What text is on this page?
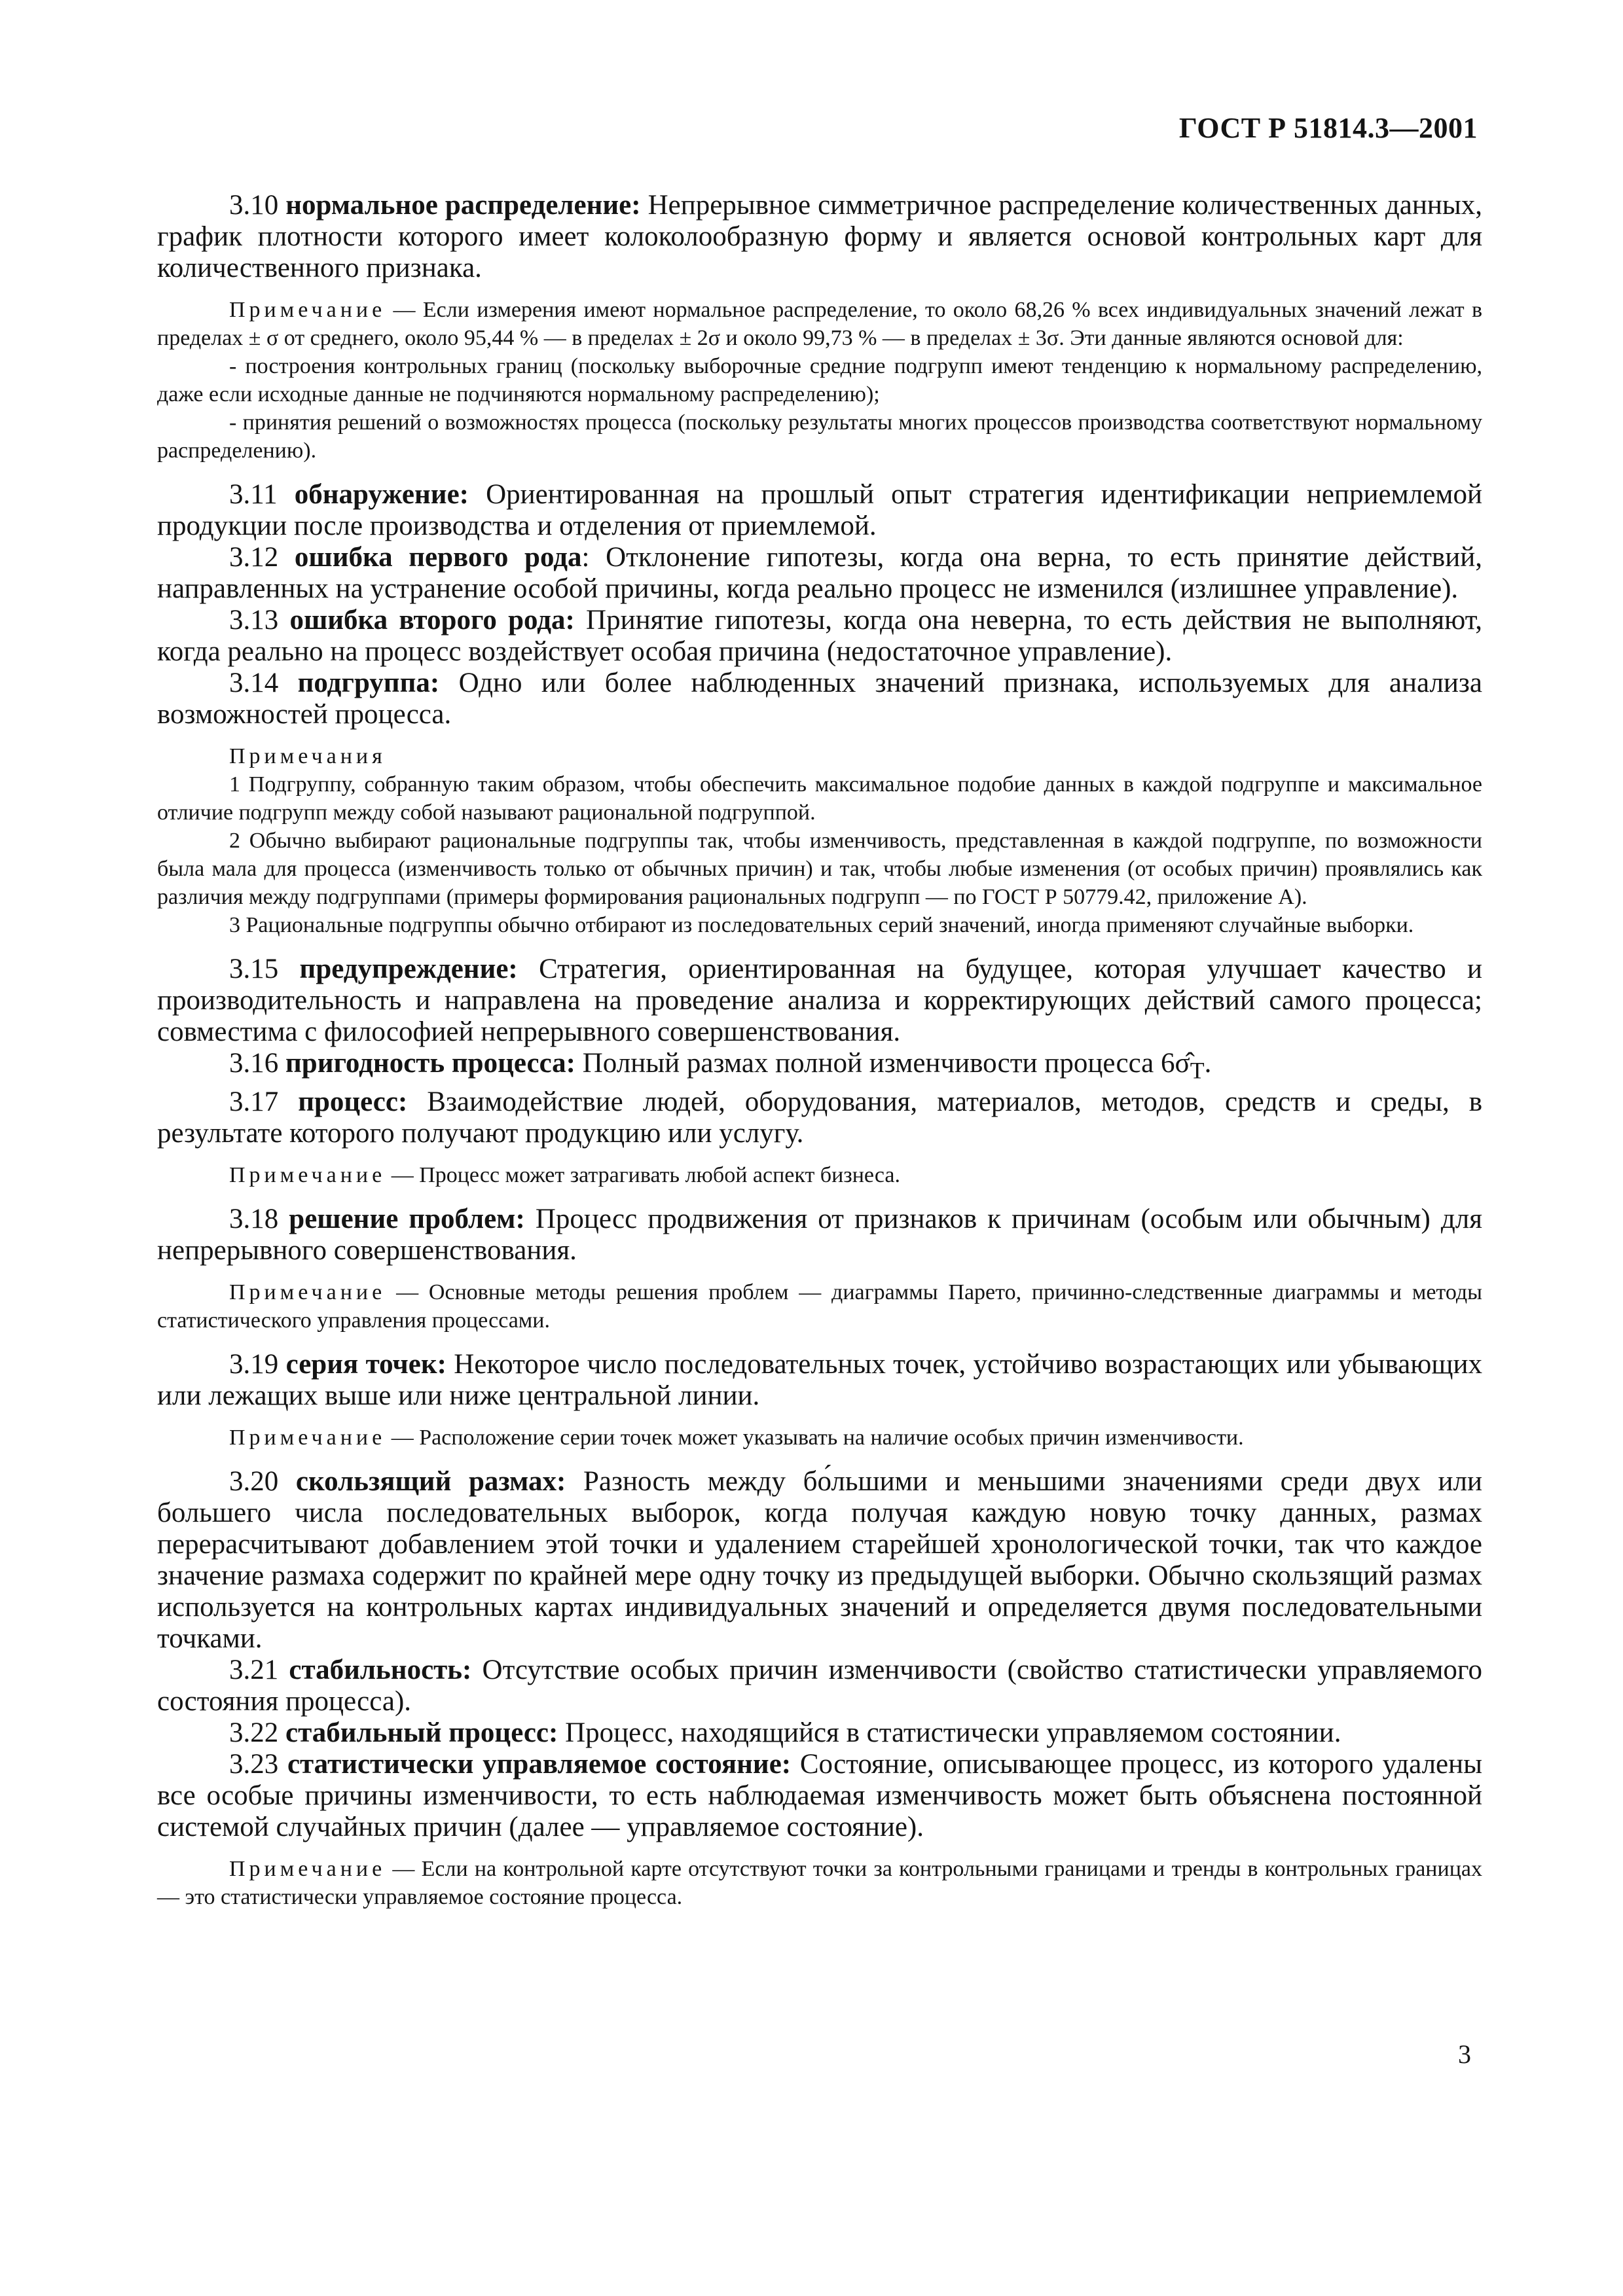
ГОСТ Р 51814.3—2001

3.10 нормальное распределение: Непрерывное симметричное распределение количественных данных, график плотности которого имеет колоколообразную форму и является основой контрольных карт для количественного признака.

Примечание — Если измерения имеют нормальное распределение, то около 68,26 % всех индивидуальных значений лежат в пределах ± σ от среднего, около 95,44 % — в пределах ± 2σ и около 99,73 % — в пределах ± 3σ. Эти данные являются основой для:

- построения контрольных границ (поскольку выборочные средние подгрупп имеют тенденцию к нормальному распределению, даже если исходные данные не подчиняются нормальному распределению);

- принятия решений о возможностях процесса (поскольку результаты многих процессов производства соответствуют нормальному распределению).

3.11 обнаружение: Ориентированная на прошлый опыт стратегия идентификации неприемлемой продукции после производства и отделения от приемлемой.

3.12 ошибка первого рода: Отклонение гипотезы, когда она верна, то есть принятие действий, направленных на устранение особой причины, когда реально процесс не изменился (излишнее управление).

3.13 ошибка второго рода: Принятие гипотезы, когда она неверна, то есть действия не выполняют, когда реально на процесс воздействует особая причина (недостаточное управление).

3.14 подгруппа: Одно или более наблюденных значений признака, используемых для анализа возможностей процесса.

Примечания

1 Подгруппу, собранную таким образом, чтобы обеспечить максимальное подобие данных в каждой подгруппе и максимальное отличие подгрупп между собой называют рациональной подгруппой.

2 Обычно выбирают рациональные подгруппы так, чтобы изменчивость, представленная в каждой подгруппе, по возможности была мала для процесса (изменчивость только от обычных причин) и так, чтобы любые изменения (от особых причин) проявлялись как различия между подгруппами (примеры формирования рациональных подгрупп — по ГОСТ Р 50779.42, приложение А).

3 Рациональные подгруппы обычно отбирают из последовательных серий значений, иногда применяют случайные выборки.

3.15 предупреждение: Стратегия, ориентированная на будущее, которая улучшает качество и производительность и направлена на проведение анализа и корректирующих действий самого процесса; совместима с философией непрерывного совершенствования.

3.16 пригодность процесса: Полный размах полной изменчивости процесса $6\sigmâ_T$.

3.17 процесс: Взаимодействие людей, оборудования, материалов, методов, средств и среды, в результате которого получают продукцию или услугу.

Примечание — Процесс может затрагивать любой аспект бизнеса.

3.18 решение проблем: Процесс продвижения от признаков к причинам (особым или обычным) для непрерывного совершенствования.

Примечание — Основные методы решения проблем — диаграммы Парето, причинно-следственные диаграммы и методы статистического управления процессами.

3.19 серия точек: Некоторое число последовательных точек, устойчиво возрастающих или убывающих или лежащих выше или ниже центральной линии.

Примечание — Расположение серии точек может указывать на наличие особых причин изменчивости.

3.20 скользящий размах: Разность между бо́льшими и меньшими значениями среди двух или большего числа последовательных выборок, когда получая каждую новую точку данных, размах перерасчитывают добавлением этой точки и удалением старейшей хронологической точки, так что каждое значение размаха содержит по крайней мере одну точку из предыдущей выборки. Обычно скользящий размах используется на контрольных картах индивидуальных значений и определяется двумя последовательными точками.

3.21 стабильность: Отсутствие особых причин изменчивости (свойство статистически управляемого состояния процесса).

3.22 стабильный процесс: Процесс, находящийся в статистически управляемом состоянии.

3.23 статистически управляемое состояние: Состояние, описывающее процесс, из которого удалены все особые причины изменчивости, то есть наблюдаемая изменчивость может быть объяснена постоянной системой случайных причин (далее — управляемое состояние).

Примечание — Если на контрольной карте отсутствуют точки за контрольными границами и тренды в контрольных границах — это статистически управляемое состояние процесса.

3
